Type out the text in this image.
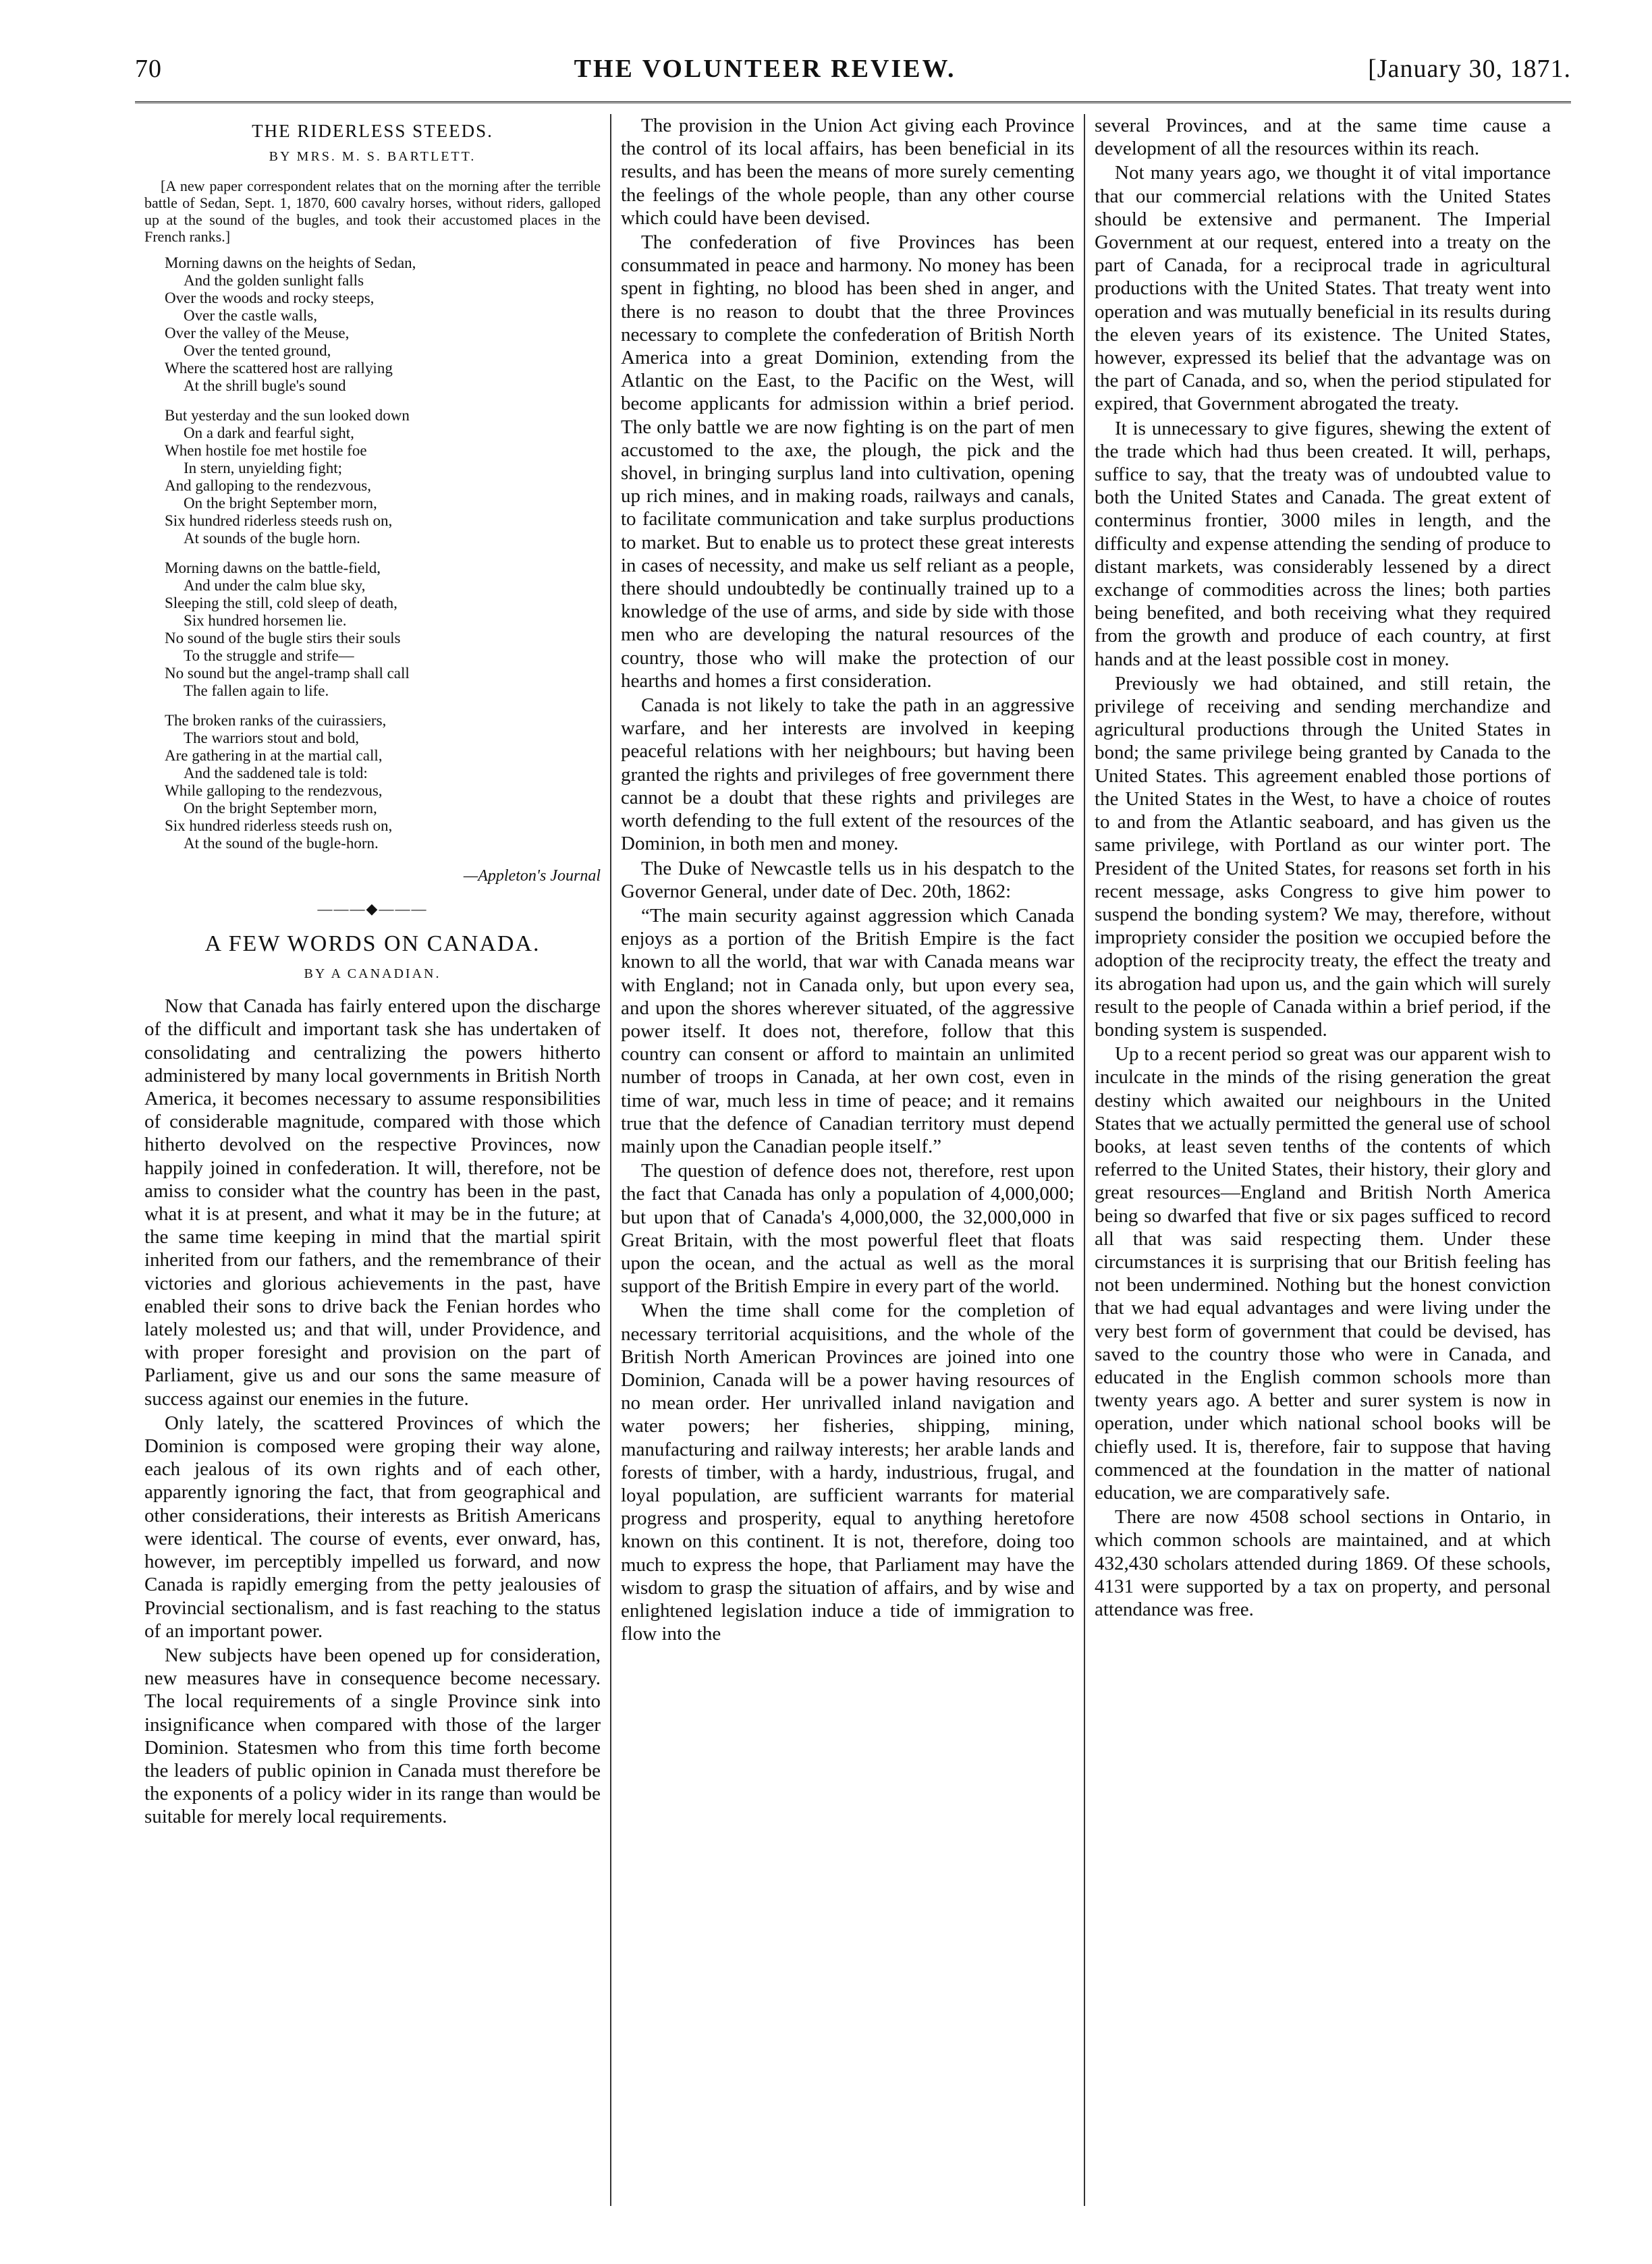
70	THE VOLUNTEER REVIEW.	[January 30, 1871.
THE RIDERLESS STEEDS.
BY MRS. M. S. BARTLETT.

[A new paper correspondent relates that on the morning after the terrible battle of Sedan, Sept. 1, 1870, 600 cavalry horses, without riders, galloped up at the sound of the bugles, and took their accustomed places in the French ranks.]

Morning dawns on the heights of Sedan,
And the golden sunlight falls
Over the woods and rocky steeps,
Over the castle walls,
Over the valley of the Meuse,
Over the tented ground,
Where the scattered host are rallying
At the shrill bugle's sound
But yesterday and the sun looked down
On a dark and fearful sight,
When hostile foe met hostile foe
In stern, unyielding fight;
And galloping to the rendezvous,
On the bright September morn,
Six hundred riderless steeds rush on,
At sounds of the bugle horn.
Morning dawns on the battle-field,
And under the calm blue sky,
Sleeping the still, cold sleep of death,
Six hundred horsemen lie.
No sound of the bugle stirs their souls
To the struggle and strife—
No sound but the angel-tramp shall call
The fallen again to life.
The broken ranks of the cuirassiers,
The warriors stout and bold,
Are gathering in at the martial call,
And the saddened tale is told:
While galloping to the rendezvous,
On the bright September morn,
Six hundred riderless steeds rush on,
At the sound of the bugle-horn.
—Appleton's Journal
———◆———
A FEW WORDS ON CANADA.
BY A CANADIAN.

Now that Canada has fairly entered upon the discharge of the difficult and important task she has undertaken of consolidating and centralizing the powers hitherto administered by many local governments in British North America, it becomes necessary to assume responsibilities of considerable magnitude, compared with those which hitherto devolved on the respective Provinces, now happily joined in confederation. It will, therefore, not be amiss to consider what the country has been in the past, what it is at present, and what it may be in the future; at the same time keeping in mind that the martial spirit inherited from our fathers, and the remembrance of their victories and glorious achievements in the past, have enabled their sons to drive back the Fenian hordes who lately molested us; and that will, under Providence, and with proper foresight and provision on the part of Parliament, give us and our sons the same measure of success against our enemies in the future.

Only lately, the scattered Provinces of which the Dominion is composed were groping their way alone, each jealous of its own rights and of each other, apparently ignoring the fact, that from geographical and other considerations, their interests as British Americans were identical. The course of events, ever onward, has, however, im perceptibly impelled us forward, and now Canada is rapidly emerging from the petty jealousies of Provincial sectionalism, and is fast reaching to the status of an important power.

New subjects have been opened up for consideration, new measures have in consequence become necessary. The local requirements of a single Province sink into insignificance when compared with those of the larger Dominion. Statesmen who from this time forth become the leaders of public opinion in Canada must therefore be the exponents of a policy wider in its range than would be suitable for merely local requirements.

The provision in the Union Act giving each Province the control of its local affairs, has been beneficial in its results, and has been the means of more surely cementing the feelings of the whole people, than any other course which could have been devised.

The confederation of five Provinces has been consummated in peace and harmony. No money has been spent in fighting, no blood has been shed in anger, and there is no reason to doubt that the three Provinces necessary to complete the confederation of British North America into a great Dominion, extending from the Atlantic on the East, to the Pacific on the West, will become applicants for admission within a brief period. The only battle we are now fighting is on the part of men accustomed to the axe, the plough, the pick and the shovel, in bringing surplus land into cultivation, opening up rich mines, and in making roads, railways and canals, to facilitate communication and take surplus productions to market. But to enable us to protect these great interests in cases of necessity, and make us self reliant as a people, there should undoubtedly be continually trained up to a knowledge of the use of arms, and side by side with those men who are developing the natural resources of the country, those who will make the protection of our hearths and homes a first consideration.

Canada is not likely to take the path in an aggressive warfare, and her interests are involved in keeping peaceful relations with her neighbours; but having been granted the rights and privileges of free government there cannot be a doubt that these rights and privileges are worth defending to the full extent of the resources of the Dominion, in both men and money.

The Duke of Newcastle tells us in his despatch to the Governor General, under date of Dec. 20th, 1862:

“The main security against aggression which Canada enjoys as a portion of the British Empire is the fact known to all the world, that war with Canada means war with England; not in Canada only, but upon every sea, and upon the shores wherever situated, of the aggressive power itself. It does not, therefore, follow that this country can consent or afford to maintain an unlimited number of troops in Canada, at her own cost, even in time of war, much less in time of peace; and it remains true that the defence of Canadian territory must depend mainly upon the Canadian people itself.”

The question of defence does not, therefore, rest upon the fact that Canada has only a population of 4,000,000; but upon that of Canada's 4,000,000, the 32,000,000 in Great Britain, with the most powerful fleet that floats upon the ocean, and the actual as well as the moral support of the British Empire in every part of the world.

When the time shall come for the completion of necessary territorial acquisitions, and the whole of the British North American Provinces are joined into one Dominion, Canada will be a power having resources of no mean order. Her unrivalled inland navigation and water powers; her fisheries, shipping, mining, manufacturing and railway interests; her arable lands and forests of timber, with a hardy, industrious, frugal, and loyal population, are sufficient warrants for material progress and prosperity, equal to anything heretofore known on this continent. It is not, therefore, doing too much to express the hope, that Parliament may have the wisdom to grasp the situation of affairs, and by wise and enlightened legislation induce a tide of immigration to flow into the

several Provinces, and at the same time cause a development of all the resources within its reach.

Not many years ago, we thought it of vital importance that our commercial relations with the United States should be extensive and permanent. The Imperial Government at our request, entered into a treaty on the part of Canada, for a reciprocal trade in agricultural productions with the United States. That treaty went into operation and was mutually beneficial in its results during the eleven years of its existence. The United States, however, expressed its belief that the advantage was on the part of Canada, and so, when the period stipulated for expired, that Government abrogated the treaty.

It is unnecessary to give figures, shewing the extent of the trade which had thus been created. It will, perhaps, suffice to say, that the treaty was of undoubted value to both the United States and Canada. The great extent of conterminus frontier, 3000 miles in length, and the difficulty and expense attending the sending of produce to distant markets, was considerably lessened by a direct exchange of commodities across the lines; both parties being benefited, and both receiving what they required from the growth and produce of each country, at first hands and at the least possible cost in money.

Previously we had obtained, and still retain, the privilege of receiving and sending merchandize and agricultural productions through the United States in bond; the same privilege being granted by Canada to the United States. This agreement enabled those portions of the United States in the West, to have a choice of routes to and from the Atlantic seaboard, and has given us the same privilege, with Portland as our winter port. The President of the United States, for reasons set forth in his recent message, asks Congress to give him power to suspend the bonding system? We may, therefore, without impropriety consider the position we occupied before the adoption of the reciprocity treaty, the effect the treaty and its abrogation had upon us, and the gain which will surely result to the people of Canada within a brief period, if the bonding system is suspended.

Up to a recent period so great was our apparent wish to inculcate in the minds of the rising generation the great destiny which awaited our neighbours in the United States that we actually permitted the general use of school books, at least seven tenths of the contents of which referred to the United States, their history, their glory and great resources—England and British North America being so dwarfed that five or six pages sufficed to record all that was said respecting them. Under these circumstances it is surprising that our British feeling has not been undermined. Nothing but the honest conviction that we had equal advantages and were living under the very best form of government that could be devised, has saved to the country those who were in Canada, and educated in the English common schools more than twenty years ago. A better and surer system is now in operation, under which national school books will be chiefly used. It is, therefore, fair to suppose that having commenced at the foundation in the matter of national education, we are comparatively safe.

There are now 4508 school sections in Ontario, in which common schools are maintained, and at which 432,430 scholars attended during 1869. Of these schools, 4131 were supported by a tax on property, and personal attendance was free.
